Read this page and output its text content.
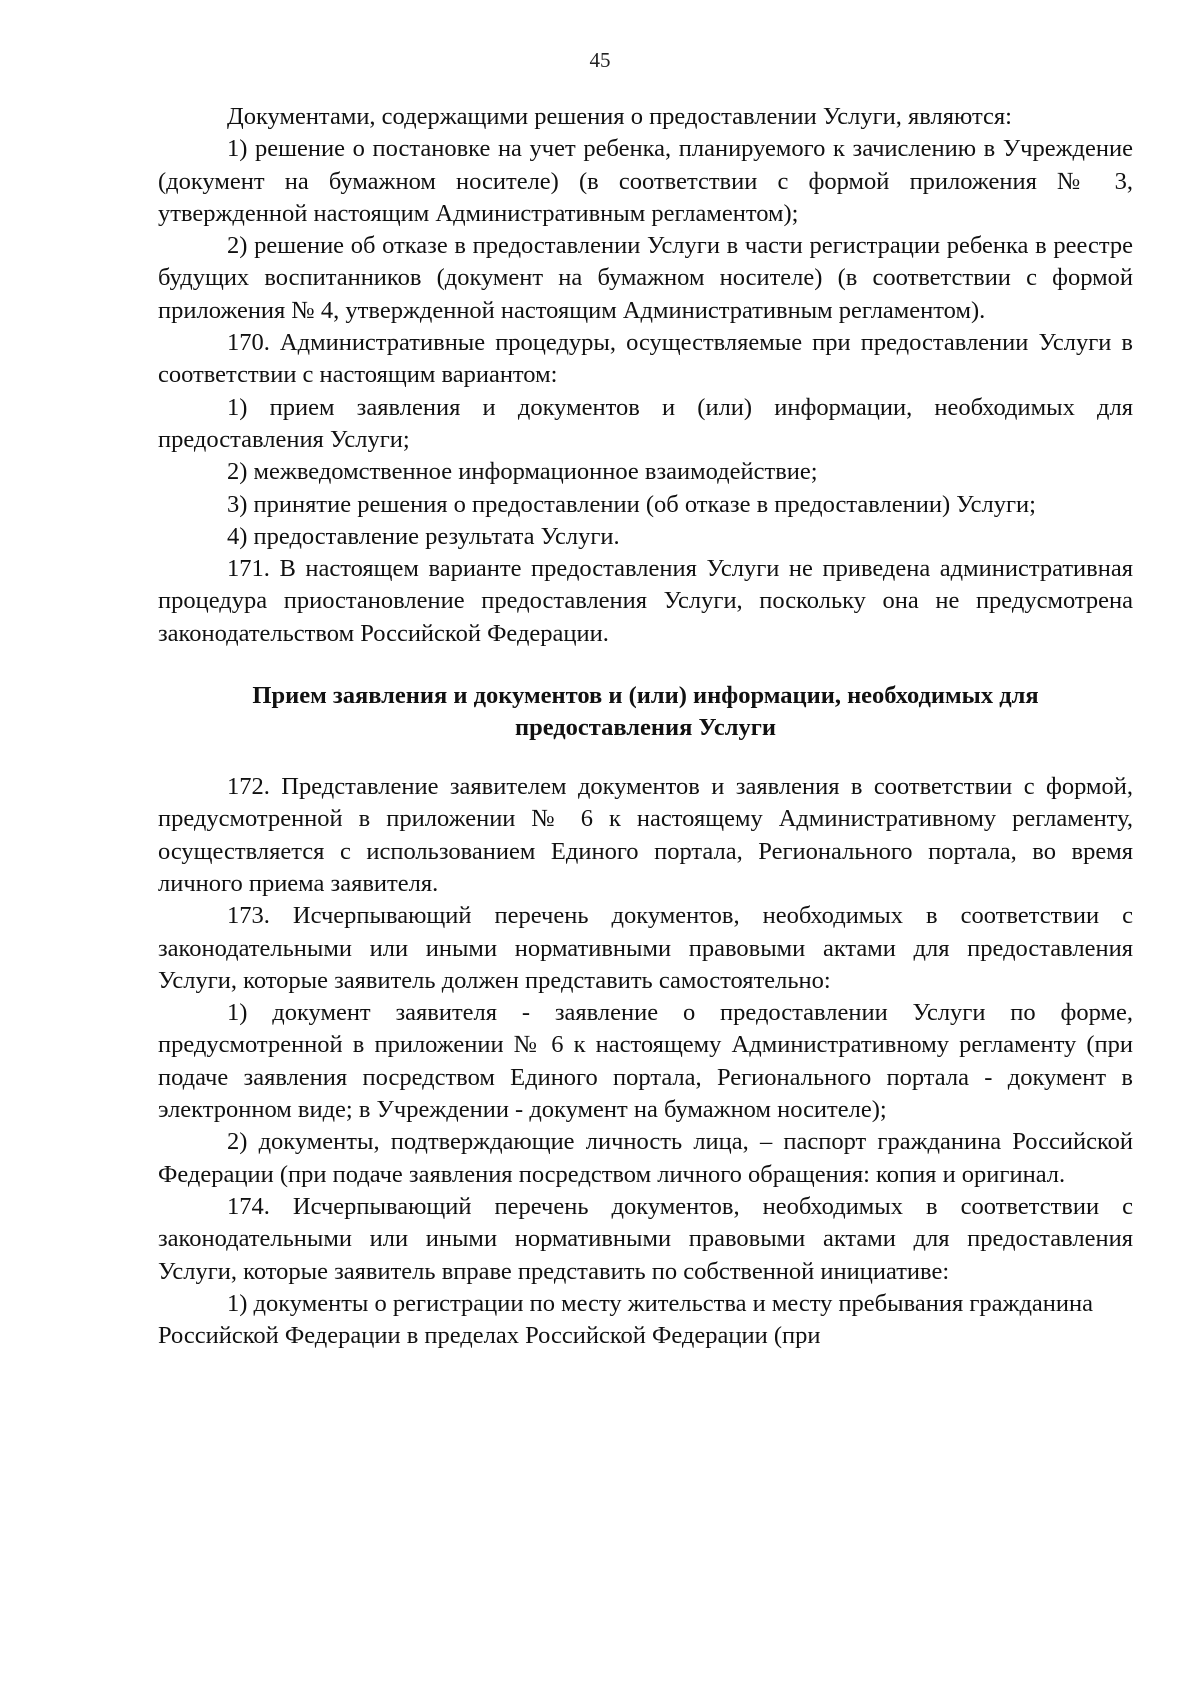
45

Документами, содержащими решения о предоставлении Услуги, являются:

1) решение о постановке на учет ребенка, планируемого к зачислению в Учреждение (документ на бумажном носителе) (в соответствии с формой приложения № 3, утвержденной настоящим Административным регламентом);

2) решение об отказе в предоставлении Услуги в части регистрации ребенка в реестре будущих воспитанников (документ на бумажном носителе) (в соответствии с формой приложения № 4, утвержденной настоящим Административным регламентом).

170. Административные процедуры, осуществляемые при предоставлении Услуги в соответствии с настоящим вариантом:

1) прием заявления и документов и (или) информации, необходимых для предоставления Услуги;

2) межведомственное информационное взаимодействие;

3) принятие решения о предоставлении (об отказе в предоставлении) Услуги;

4) предоставление результата Услуги.

171. В настоящем варианте предоставления Услуги не приведена административная процедура приостановление предоставления Услуги, поскольку она не предусмотрена законодательством Российской Федерации.

Прием заявления и документов и (или) информации, необходимых для
предоставления Услуги

172. Представление заявителем документов и заявления в соответствии с формой, предусмотренной в приложении № 6 к настоящему Административному регламенту, осуществляется с использованием Единого портала, Регионального портала, во время личного приема заявителя.

173. Исчерпывающий перечень документов, необходимых в соответствии с законодательными или иными нормативными правовыми актами для предоставления Услуги, которые заявитель должен представить самостоятельно:

1) документ заявителя - заявление о предоставлении Услуги по форме, предусмотренной в приложении № 6 к настоящему Административному регламенту (при подаче заявления посредством Единого портала, Регионального портала - документ в электронном виде; в Учреждении - документ на бумажном носителе);

2) документы, подтверждающие личность лица, – паспорт гражданина Российской Федерации (при подаче заявления посредством личного обращения: копия и оригинал.

174. Исчерпывающий перечень документов, необходимых в соответствии с законодательными или иными нормативными правовыми актами для предоставления Услуги, которые заявитель вправе представить по собственной инициативе:

1) документы о регистрации по месту жительства и месту пребывания гражданина Российской Федерации в пределах Российской Федерации (при
